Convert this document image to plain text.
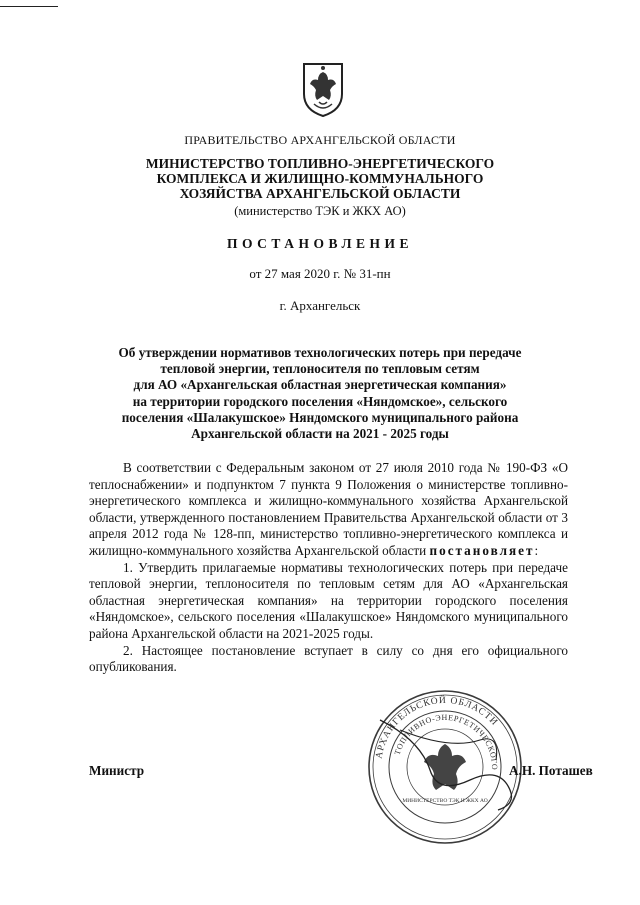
ПРАВИТЕЛЬСТВО АРХАНГЕЛЬСКОЙ ОБЛАСТИ
МИНИСТЕРСТВО ТОПЛИВНО-ЭНЕРГЕТИЧЕСКОГО
КОМПЛЕКСА И ЖИЛИЩНО-КОММУНАЛЬНОГО
ХОЗЯЙСТВА АРХАНГЕЛЬСКОЙ ОБЛАСТИ
(министерство ТЭК и ЖКХ АО)
ПОСТАНОВЛЕНИЕ
от 27 мая 2020 г. № 31-пн
г. Архангельск
Об утверждении нормативов технологических потерь при передаче
тепловой энергии, теплоносителя по тепловым сетям
для АО «Архангельская областная энергетическая компания»
на территории городского поселения «Няндомское», сельского
поселения «Шалакушское» Няндомского муниципального района
Архангельской области на 2021 - 2025 годы
В соответствии с Федеральным законом от 27 июля 2010 года № 190-ФЗ «О теплоснабжении» и подпунктом 7 пункта 9 Положения о министерстве топливно-энергетического комплекса и жилищно-коммунального хозяйства Архангельской области, утвержденного постановлением Правительства Архангельской области от 3 апреля 2012 года № 128-пп, министерство топливно-энергетического комплекса и жилищно-коммунального хозяйства Архангельской области постановляет:
1. Утвердить прилагаемые нормативы технологических потерь при передаче тепловой энергии, теплоносителя по тепловым сетям для АО «Архангельская областная энергетическая компания» на территории городского поселения «Няндомское», сельского поселения «Шалакушское» Няндомского муниципального района Архангельской области на 2021-2025 годы.
2. Настоящее постановление вступает в силу со дня его официального опубликования.
АРХАНГЕЛЬСКОЙ ОБЛАСТИ
ТОПЛИВНО-ЭНЕРГЕТИЧЕСКОГО
МИНИСТЕРСТВО ТЭК И ЖКХ АО
Министр	А.Н. Поташев
